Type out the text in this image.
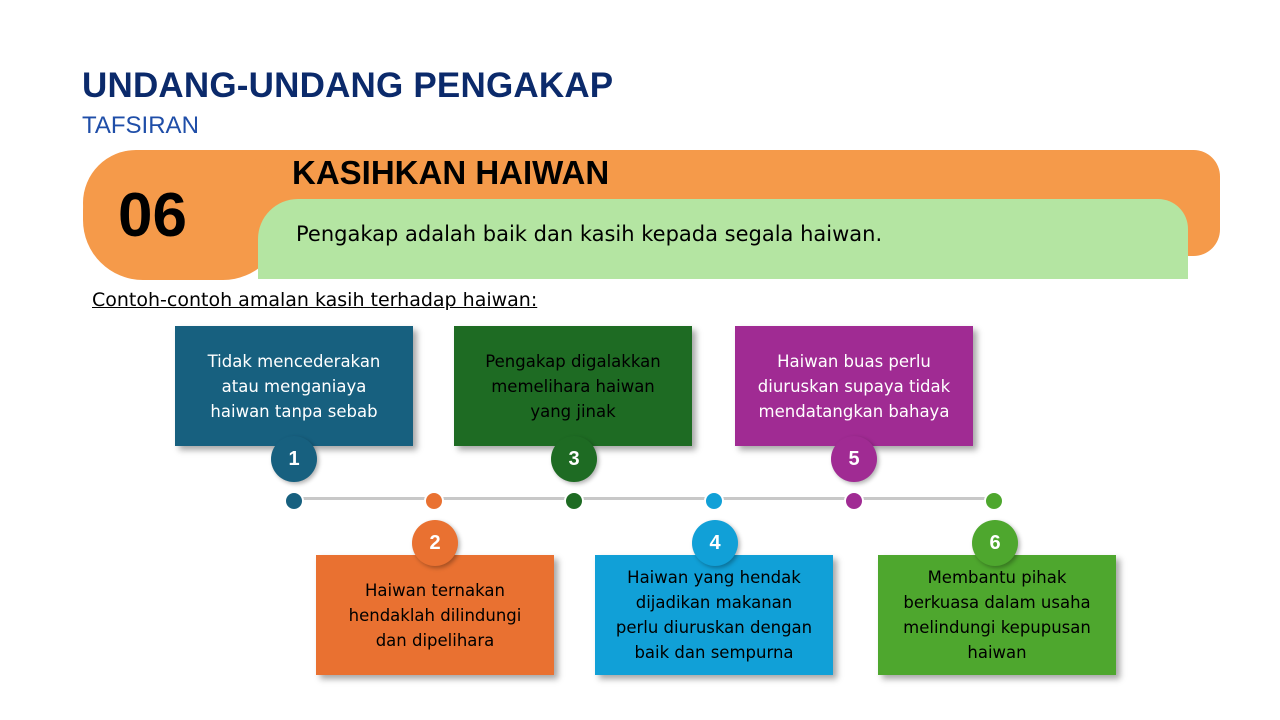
UNDANG-UNDANG PENGAKAP
TAFSIRAN
06
KASIHKAN HAIWAN
Pengakap adalah baik dan kasih kepada segala haiwan.
Contoh-contoh amalan kasih terhadap haiwan:
Tidak mencederakan
atau menganiaya
haiwan tanpa sebab
Haiwan ternakan
hendaklah dilindungi
dan dipelihara
Pengakap digalakkan
memelihara haiwan
yang jinak
Haiwan yang hendak
dijadikan makanan
perlu diuruskan dengan
baik dan sempurna
Haiwan buas perlu
diuruskan supaya tidak
mendatangkan bahaya
Membantu pihak
berkuasa dalam usaha
melindungi kepupusan
haiwan
1
2
3
4
5
6
